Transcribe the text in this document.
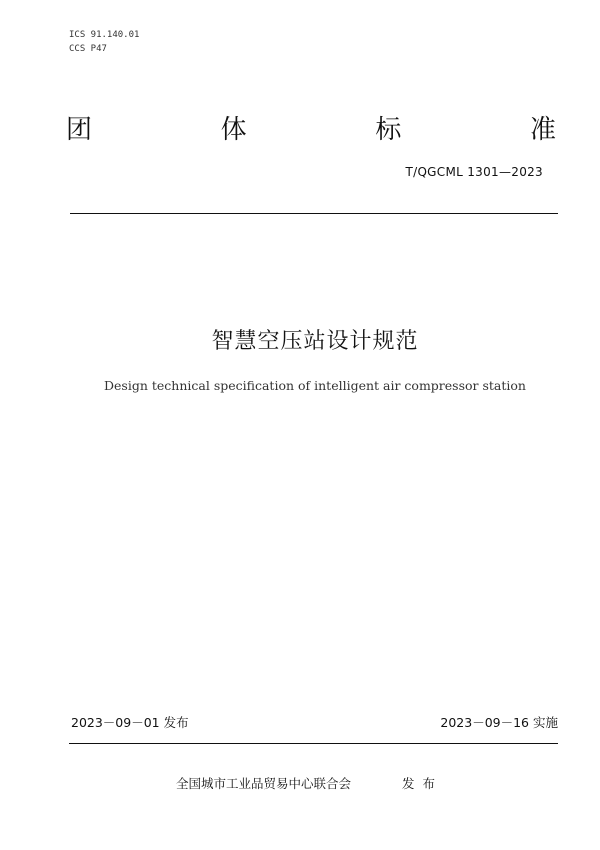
ICS 91.140.01
CCS P47
团	体	标	准
T/QGCML 1301—2023
智慧空压站设计规范
Design technical specification of intelligent air compressor station
2023－09－01 发布	2023－09－16 实施
全国城市工业品贸易中心联合会	发布
